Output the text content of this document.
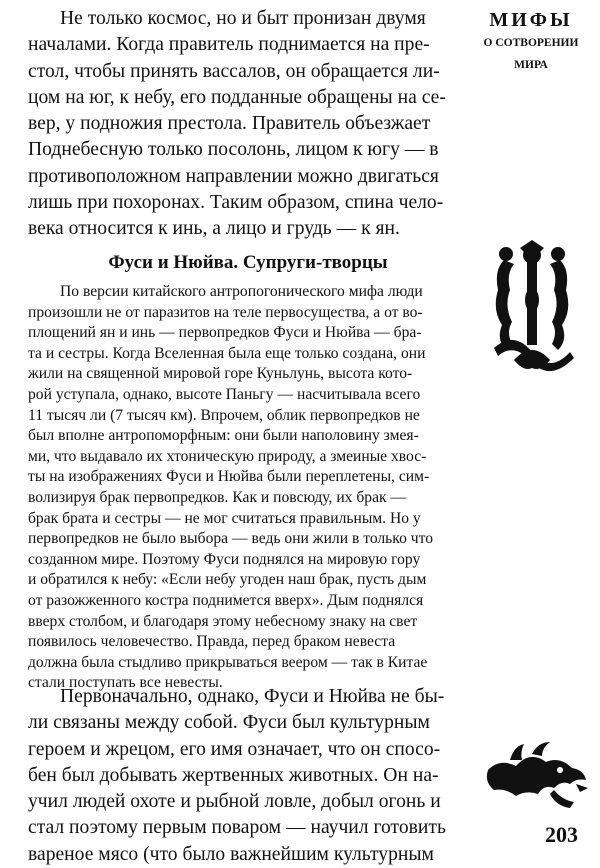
Не только космос, но и быт пронизан двумя
началами. Когда правитель поднимается на пре-
стол, чтобы принять вассалов, он обращается ли-
цом на юг, к небу, его подданные обращены на се-
вер, у подножия престола. Правитель объезжает
Поднебесную только посолонь, лицом к югу — в
противоположном направлении можно двигаться
лишь при похоронах. Таким образом, спина чело-
века относится к инь, а лицо и грудь — к ян.
Фуси и Нюйва. Супруги-творцы
По версии китайского антропогонического мифа люди
произошли не от паразитов на теле первосущества, а от во-
площений ян и инь — первопредков Фуси и Нюйва — бра-
та и сестры. Когда Вселенная была еще только создана, они
жили на священной мировой горе Куньлунь, высота кото-
рой уступала, однако, высоте Паньгу — насчитывала всего
11 тысяч ли (7 тысяч км). Впрочем, облик первопредков не
был вполне антропоморфным: они были наполовину змея-
ми, что выдавало их хтоническую природу, а змеиные хвос-
ты на изображениях Фуси и Нюйва были переплетены, сим-
волизируя брак первопредков. Как и повсюду, их брак —
брак брата и сестры — не мог считаться правильным. Но у
первопредков не было выбора — ведь они жили в только что
созданном мире. Поэтому Фуси поднялся на мировую гору
и обратился к небу: «Если небу угоден наш брак, пусть дым
от разожженного костра поднимется вверх». Дым поднялся
вверх столбом, и благодаря этому небесному знаку на свет
появилось человечество. Правда, перед браком невеста
должна была стыдливо прикрываться веером — так в Китае
стали поступать все невесты.
Первоначально, однако, Фуси и Нюйва не бы-
ли связаны между собой. Фуси был культурным
героем и жрецом, его имя означает, что он спосо-
бен был добывать жертвенных животных. Он на-
учил людей охоте и рыбной ловле, добыл огонь и
стал поэтому первым поваром — научил готовить
вареное мясо (что было важнейшим культурным

МИФЫ

О СОТВОРЕНИИ

МИРА

203
